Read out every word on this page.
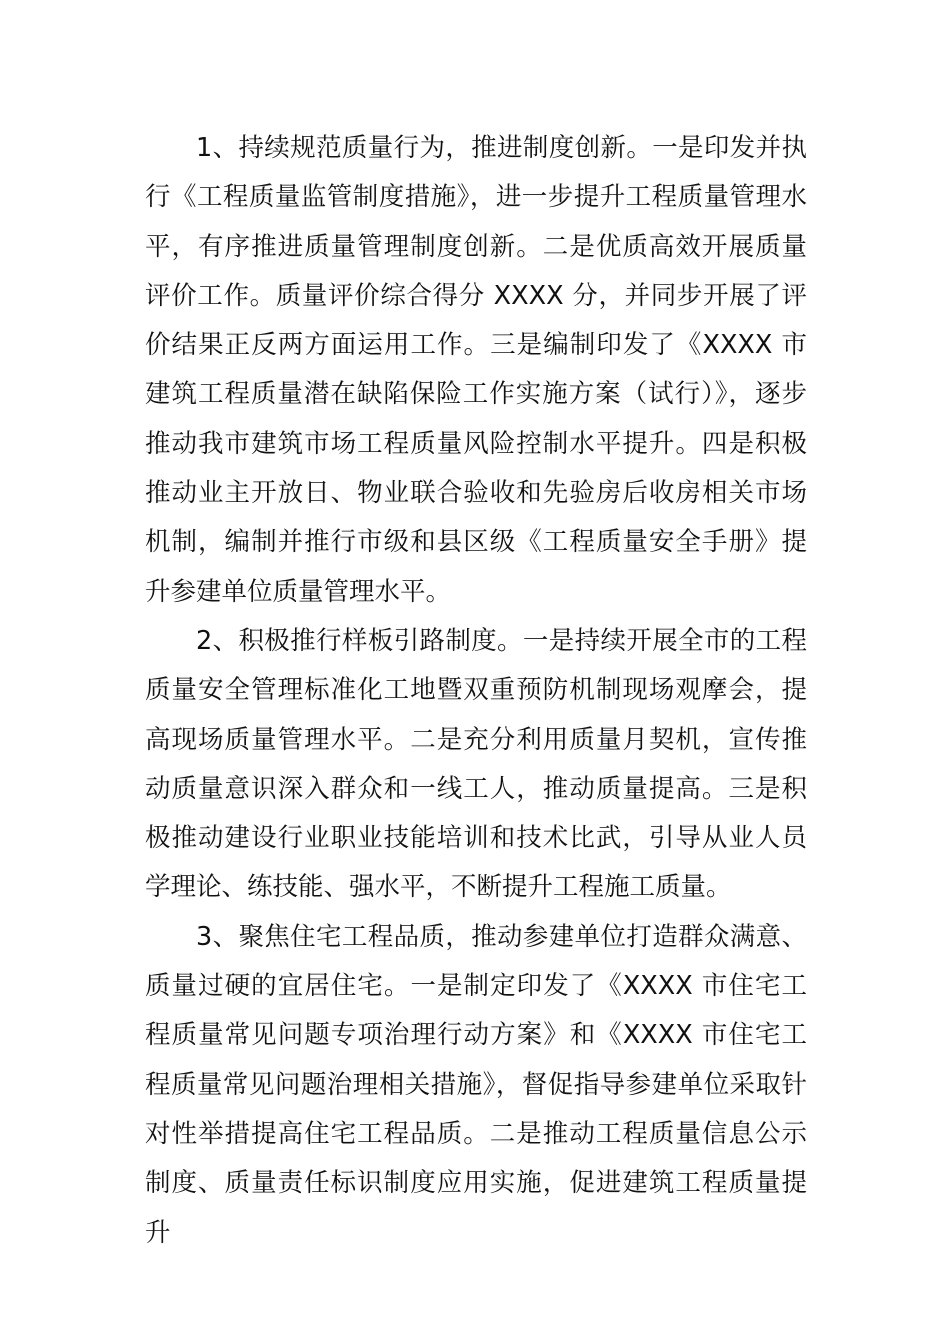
1、持续规范质量行为，推进制度创新。一是印发并执行《工程质量监管制度措施》，进一步提升工程质量管理水平，有序推进质量管理制度创新。二是优质高效开展质量评价工作。质量评价综合得分 XXXX 分，并同步开展了评价结果正反两方面运用工作。三是编制印发了《XXXX 市建筑工程质量潜在缺陷保险工作实施方案（试行）》，逐步推动我市建筑市场工程质量风险控制水平提升。四是积极推动业主开放日、物业联合验收和先验房后收房相关市场机制，编制并推行市级和县区级《工程质量安全手册》提升参建单位质量管理水平。

2、积极推行样板引路制度。一是持续开展全市的工程质量安全管理标准化工地暨双重预防机制现场观摩会，提高现场质量管理水平。二是充分利用质量月契机，宣传推动质量意识深入群众和一线工人，推动质量提高。三是积极推动建设行业职业技能培训和技术比武，引导从业人员学理论、练技能、强水平，不断提升工程施工质量。

3、聚焦住宅工程品质，推动参建单位打造群众满意、质量过硬的宜居住宅。一是制定印发了《XXXX 市住宅工程质量常见问题专项治理行动方案》和《XXXX 市住宅工程质量常见问题治理相关措施》，督促指导参建单位采取针对性举措提高住宅工程品质。二是推动工程质量信息公示制度、质量责任标识制度应用实施，促进建筑工程质量提升
